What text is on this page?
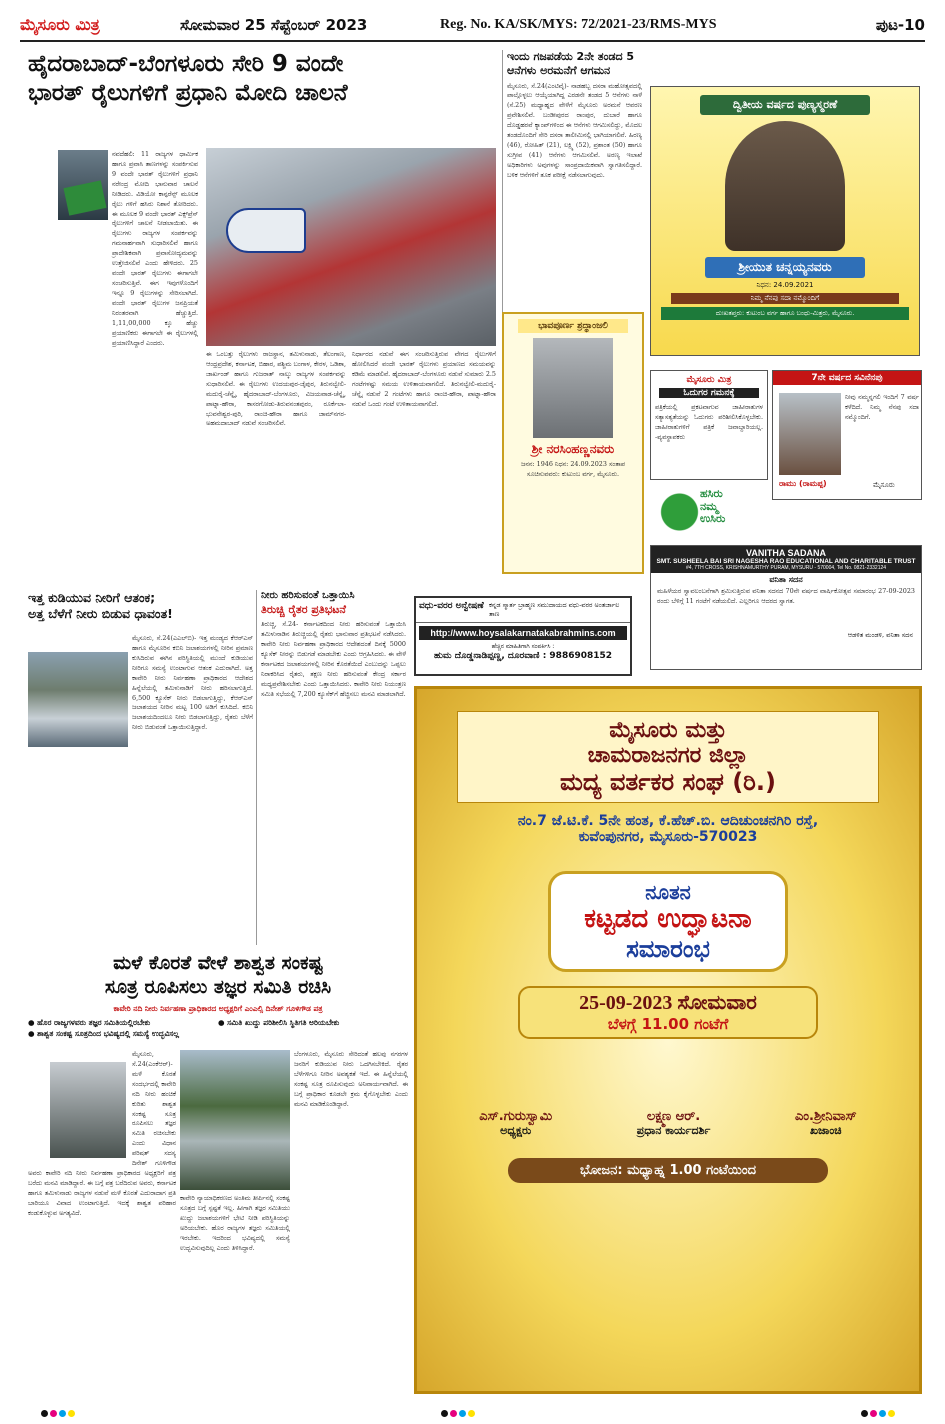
ಮೈಸೂರು ಮಿತ್ರ	ಸೋಮವಾರ 25 ಸೆಪ್ಟೆಂಬರ್ 2023	Reg. No. KA/SK/MYS: 72/2021-23/RMS-MYS	ಪುಟ-10
ಹೈದರಾಬಾದ್-ಬೆಂಗಳೂರು ಸೇರಿ 9 ವಂದೇ
ಭಾರತ್ ರೈಲುಗಳಿಗೆ ಪ್ರಧಾನಿ ಮೋದಿ ಚಾಲನೆ

ನವದೆಹಲಿ: 11 ರಾಜ್ಯಗಳ ಧಾರ್ಮಿಕ ಹಾಗೂ ಪ್ರವಾಸಿ ತಾಣಗಳನ್ನು ಸಂಪರ್ಕಿಸುವ 9 ವಂದೇ ಭಾರತ್ ರೈಲುಗಳಿಗೆ ಪ್ರಧಾನಿ ನರೇಂದ್ರ ಮೋದಿ ಭಾನುವಾರ ಚಾಲನೆ ನೀಡಿದರು. ವಿಡಿಯೋ ಕಾನ್ಫರೆನ್ಸ್ ಮೂಲಕ ರೈಲು ಗಳಿಗೆ ಹಸಿರು ನಿಶಾನೆ ತೋರಿದರು. ಈ ಮೂಲಕ 9 ವಂದೇ ಭಾರತ್ ಎಕ್ಸ್‌ಪ್ರೆಸ್ ರೈಲುಗಳಿಗೆ ಚಾಲನೆ ನೀಡಲಾಯಿತು. ಈ ರೈಲುಗಳು ರಾಜ್ಯಗಳ ಸಂಪರ್ಕವನ್ನು ಗಮನಾರ್ಹವಾಗಿ ಸುಧಾರಿಸಲಿವೆ ಹಾಗೂ ಪ್ರಾದೇಶಿಕವಾಗಿ ಪ್ರವಾಸೋದ್ಯಮವನ್ನು ಉತ್ತೇಜಿಸಲಿವೆ ಎಂದು ಹೇಳಿದರು. 25 ವಂದೇ ಭಾರತ್ ರೈಲುಗಳು ಈಗಾಗಲೇ ಸಂಚರಿಸುತ್ತಿವೆ. ಈಗ ಇವುಗಳೊಂದಿಗೆ ಇನ್ನೂ 9 ರೈಲುಗಳನ್ನು ಸೇರಿಸಲಾಗಿದೆ. ವಂದೇ ಭಾರತ್ ರೈಲುಗಳ ಜನಪ್ರಿಯತೆ ನಿರಂತರವಾಗಿ ಹೆಚ್ಚುತ್ತಿದೆ. 1,11,00,000 ಕ್ಕೂ ಹೆಚ್ಚು ಪ್ರಯಾಣಿಕರು ಈಗಾಗಲೇ ಈ ರೈಲುಗಳಲ್ಲಿ ಪ್ರಯಾಣಿಸಿದ್ದಾರೆ ಎಂದರು.

ಈ ಒಂಬತ್ತು ರೈಲುಗಳು ರಾಜಸ್ಥಾನ, ತಮಿಳುನಾಡು, ತೆಲಂಗಾಣ, ಆಂಧ್ರಪ್ರದೇಶ, ಕರ್ನಾಟಕ, ಬಿಹಾರ, ಪಶ್ಚಿಮ ಬಂಗಾಳ, ಕೇರಳ, ಒಡಿಶಾ, ಜಾರ್ಖಂಡ್ ಹಾಗೂ ಗುಜರಾತ್ ನಾಲ್ಕು ರಾಜ್ಯಗಳ ಸಂಪರ್ಕವನ್ನು ಸುಧಾರಿಸಲಿವೆ. ಈ ರೈಲುಗಳು ಉದಯಪುರ-ಜೈಪುರ, ತಿರುನಲ್ವೇಲಿ-ಮದುರೈ-ಚೆನ್ನೈ, ಹೈದರಾಬಾದ್-ಬೆಂಗಳೂರು, ವಿಜಯವಾಡ-ಚೆನ್ನೈ, ಪಾಟ್ನಾ-ಹೌರಾ, ಕಾಸರಗೋಡು-ತಿರುವನಂತಪುರಂ, ರೂರ್ಕೆಲಾ-ಭುವನೇಶ್ವರ-ಪುರಿ, ರಾಂಚಿ-ಹೌರಾ ಹಾಗೂ ಜಾಮ್‌ನಗರ-ಅಹಮದಾಬಾದ್ ನಡುವೆ ಸಂಚರಿಸಲಿವೆ.

ನಿರ್ಧಾರದ ನಡುವೆ ಈಗ ಸಂಚರಿಸುತ್ತಿರುವ ವೇಗದ ರೈಲುಗಳಿಗೆ ಹೋಲಿಸಿದರೆ ವಂದೇ ಭಾರತ್ ರೈಲುಗಳು ಪ್ರಯಾಣದ ಸಮಯವನ್ನು ಕಡಿಮೆ ಮಾಡಲಿವೆ. ಹೈದರಾಬಾದ್-ಬೆಂಗಳೂರು ನಡುವೆ ಸುಮಾರು 2.5 ಗಂಟೆಗಳಷ್ಟು ಸಮಯ ಉಳಿತಾಯವಾಗಲಿದೆ. ತಿರುನಲ್ವೇಲಿ-ಮದುರೈ-ಚೆನ್ನೈ ನಡುವೆ 2 ಗಂಟೆಗಳು ಹಾಗೂ ರಾಂಚಿ-ಹೌರಾ, ಪಾಟ್ನಾ-ಹೌರಾ ನಡುವೆ ಒಂದು ಗಂಟೆ ಉಳಿತಾಯವಾಗಲಿದೆ.

ಇಂದು ಗಜಪಡೆಯ 2ನೇ ತಂಡದ 5 ಆನೆಗಳು ಅರಮನೆಗೆ ಆಗಮನ
ಮೈಸೂರು, ಸೆ.24(ಎಂಟಿವೈ)- ನಾಡಹಬ್ಬ ದಸರಾ ಮಹೋತ್ಸವದಲ್ಲಿ ಪಾಲ್ಗೊಳ್ಳಲು ಆಯ್ಕೆಯಾಗಿದ್ದ ಎರಡನೇ ತಂಡದ 5 ಆನೆಗಳು ನಾಳೆ (ಸೆ.25) ಮಧ್ಯಾಹ್ನದ ವೇಳೆಗೆ ಮೈಸೂರು ಅರಮನೆ ಆವರಣ ಪ್ರವೇಶಿಸಲಿವೆ. ಬಂಡೀಪುರದ ರಾಂಪುರ, ದುಬಾರೆ ಹಾಗೂ ದೊಡ್ಡಹರವೆ ಕ್ಯಾಂಪ್‌ಗಳಿಂದ ಈ ಆನೆಗಳು ಆಗಮಿಸಲಿದ್ದು, ಮೊದಲ ತಂಡದೊಂದಿಗೆ ಸೇರಿ ದಸರಾ ತಾಲೀಮಿನಲ್ಲಿ ಭಾಗಿಯಾಗಲಿವೆ. ಹಿರಣ್ಯ (46), ರೋಹಿತ್ (21), ಲಕ್ಷ್ಮಿ (52), ಪ್ರಶಾಂತ (50) ಹಾಗೂ ಸುಗ್ರೀವ (41) ಆನೆಗಳು ಆಗಮಿಸಲಿವೆ. ಅರಣ್ಯ ಇಲಾಖೆ ಅಧಿಕಾರಿಗಳು ಅವುಗಳನ್ನು ಸಾಂಪ್ರದಾಯಿಕವಾಗಿ ಸ್ವಾಗತಿಸಲಿದ್ದಾರೆ. ಬಳಿಕ ಆನೆಗಳಿಗೆ ತೂಕ ಪರೀಕ್ಷೆ ನಡೆಸಲಾಗುವುದು.
ದ್ವಿತೀಯ ವರ್ಷದ ಪುಣ್ಯಸ್ಮರಣೆ
ಶ್ರೀಯುತ ಚನ್ನಯ್ಯನವರು
ನಿಧನ: 24.09.2021
ನಿಮ್ಮ ನೆನಪು ಸದಾ ನಮ್ಮೊಂದಿಗೆ
ದುಃಖತಪ್ತರು: ಕುಟುಂಬ ವರ್ಗ ಹಾಗೂ ಬಂಧು-ಮಿತ್ರರು, ಮೈಸೂರು.
ಭಾವಪೂರ್ಣ ಶ್ರದ್ಧಾಂಜಲಿ
ಶ್ರೀ ನರಸಿಂಹಣ್ಣನವರು
ಜನನ: 1946 ನಿಧನ: 24.09.2023 ಸಂತಾಪ ಸೂಚಿಸುವವರು: ಕುಟುಂಬ ವರ್ಗ, ಮೈಸೂರು.
ಮೈಸೂರು ಮಿತ್ರ
ಓದುಗರ ಗಮನಕ್ಕೆ
ಪತ್ರಿಕೆಯಲ್ಲಿ ಪ್ರಕಟವಾಗುವ ಜಾಹೀರಾತುಗಳ ಸತ್ಯಾಸತ್ಯತೆಯನ್ನು ಓದುಗರು ಪರಿಶೀಲಿಸಿಕೊಳ್ಳಬೇಕು. ಜಾಹೀರಾತುಗಳಿಗೆ ಪತ್ರಿಕೆ ಜವಾಬ್ದಾರಿಯಲ್ಲ. -ವ್ಯವಸ್ಥಾಪಕರು
ಹಸಿರು
ನಮ್ಮ
ಉಸಿರು
7ನೇ ವರ್ಷದ ಸವಿನೆನಪು
ನೀವು ನಮ್ಮನ್ನಗಲಿ ಇಂದಿಗೆ 7 ವರ್ಷ ಕಳೆದಿದೆ. ನಿಮ್ಮ ನೆನಪು ಸದಾ ನಮ್ಮೊಂದಿಗೆ.
ರಾಮು (ರಾಮಪ್ಪ)	ಮೈಸೂರು
VANITHA SADANA
SMT. SUSHEELA BAI SRI NAGESHA RAO EDUCATIONAL AND CHARITABLE TRUST
#4, 7TH CROSS, KRISHNAMURTHY PURAM, MYSURU - 570004, Tel No. 0821-2332124
ವನಿತಾ ಸದನ
ಮಹಿಳೆಯರ ಸ್ವಾವಲಂಬನೆಗಾಗಿ ಶ್ರಮಿಸುತ್ತಿರುವ ವನಿತಾ ಸದನದ 70ನೇ ವರ್ಷದ ವಾರ್ಷಿಕೋತ್ಸವ ಸಮಾರಂಭ 27-09-2023 ರಂದು ಬೆಳಿಗ್ಗೆ 11 ಗಂಟೆಗೆ ನಡೆಯಲಿದೆ. ಎಲ್ಲರಿಗೂ ಆದರದ ಸ್ವಾಗತ.
ಆಡಳಿತ ಮಂಡಳಿ, ವನಿತಾ ಸದನ
ಇತ್ತ ಕುಡಿಯುವ ನೀರಿಗೆ ಆತಂಕ;
ಅತ್ತ ಬೆಳೆಗೆ ನೀರು ಬಿಡುವ ಧಾವಂತ!
ಮೈಸೂರು, ಸೆ.24(ಎಎಲ್‌ಬಿ)- ಇತ್ತ ಮಂಡ್ಯದ ಕೆಆರ್‌ಎಸ್ ಹಾಗೂ ಮೈಸೂರಿನ ಕಬಿನಿ ಜಲಾಶಯಗಳಲ್ಲಿ ನೀರಿನ ಪ್ರಮಾಣ ಕುಸಿದಿರುವ ಈಗಿನ ಪರಿಸ್ಥಿತಿಯಲ್ಲಿ ಮುಂದೆ ಕುಡಿಯುವ ನೀರಿಗೂ ಸಮಸ್ಯೆ ಉಂಟಾಗುವ ಆತಂಕ ಎದುರಾಗಿದೆ. ಅತ್ತ ಕಾವೇರಿ ನೀರು ನಿರ್ವಹಣಾ ಪ್ರಾಧಿಕಾರದ ಆದೇಶದ ಹಿನ್ನೆಲೆಯಲ್ಲಿ ತಮಿಳುನಾಡಿಗೆ ನೀರು ಹರಿಸಲಾಗುತ್ತಿದೆ. 6,500 ಕ್ಯೂಸೆಕ್ ನೀರು ಬಿಡಲಾಗುತ್ತಿದ್ದು, ಕೆಆರ್‌ಎಸ್ ಜಲಾಶಯದ ನೀರಿನ ಮಟ್ಟ 100 ಅಡಿಗೆ ಕುಸಿದಿದೆ. ಕಬಿನಿ ಜಲಾಶಯದಿಂದಲೂ ನೀರು ಬಿಡಲಾಗುತ್ತಿದ್ದು, ರೈತರು ಬೆಳೆಗೆ ನೀರು ಬಿಡುವಂತೆ ಒತ್ತಾಯಿಸುತ್ತಿದ್ದಾರೆ.
ನೀರು ಹರಿಸುವಂತೆ ಒತ್ತಾಯಿಸಿ
ತಿರುಚ್ಚಿ ರೈತರ ಪ್ರತಿಭಟನೆ
ತಿರುಚ್ಚಿ, ಸೆ.24- ಕರ್ನಾಟಕದಿಂದ ನೀರು ಹರಿಸುವಂತೆ ಒತ್ತಾಯಿಸಿ ತಮಿಳುನಾಡಿನ ತಿರುಚ್ಚಿಯಲ್ಲಿ ರೈತರು ಭಾನುವಾರ ಪ್ರತಿಭಟನೆ ನಡೆಸಿದರು. ಕಾವೇರಿ ನೀರು ನಿರ್ವಹಣಾ ಪ್ರಾಧಿಕಾರದ ಆದೇಶದಂತೆ ದಿನಕ್ಕೆ 5000 ಕ್ಯೂಸೆಕ್ ನೀರನ್ನು ಬಿಡುಗಡೆ ಮಾಡಬೇಕು ಎಂದು ಆಗ್ರಹಿಸಿದರು. ಈ ವೇಳೆ ಕರ್ನಾಟಕದ ಜಲಾಶಯಗಳಲ್ಲಿ ನೀರಿನ ಕೊರತೆಯಿದೆ ಎಂಬುದನ್ನು ಒಪ್ಪಲು ನಿರಾಕರಿಸಿದ ರೈತರು, ತಕ್ಷಣ ನೀರು ಹರಿಸುವಂತೆ ಕೇಂದ್ರ ಸರ್ಕಾರ ಮಧ್ಯಪ್ರವೇಶಿಸಬೇಕು ಎಂದು ಒತ್ತಾಯಿಸಿದರು. ಕಾವೇರಿ ನೀರು ನಿಯಂತ್ರಣ ಸಮಿತಿ ಸಭೆಯಲ್ಲಿ 7,200 ಕ್ಯೂಸೆಕ್‌ಗೆ ಹೆಚ್ಚಿಸಲು ಮನವಿ ಮಾಡಲಾಗಿದೆ.
ವಧು-ವರರ ಅನ್ವೇಷಣೆ ಕನ್ನಡ ಸ್ಮಾರ್ತ ಬ್ರಾಹ್ಮಣ ಸಮುದಾಯದ ವಧು-ವರರ ಅಂತರ್ಜಾಲ ತಾಣ
http://www.hoysalakarnatakabrahmins.com
ಹೆಚ್ಚಿನ ಮಾಹಿತಿಗಾಗಿ ಸಂಪರ್ಕಿಸಿ :
ಹುಮ ದೊಡ್ಡನಾಡಿಪ್ಪಣ್ಣ, ದೂರವಾಣಿ : 9886908152
ಮೈಸೂರು ಮತ್ತು
ಚಾಮರಾಜನಗರ ಜಿಲ್ಲಾ
ಮದ್ಯ ವರ್ತಕರ ಸಂಘ (ರಿ.)
ನಂ.7 ಜೆ.ಟಿ.ಕೆ. 5ನೇ ಹಂತ, ಕೆ.ಹೆಚ್.ಬಿ. ಆದಿಚುಂಚನಗಿರಿ ರಸ್ತೆ,
ಕುವೆಂಪುನಗರ, ಮೈಸೂರು-570023
ನೂತನ
ಕಟ್ಟಡದ ಉದ್ಘಾಟನಾ
ಸಮಾರಂಭ
25-09-2023 ಸೋಮವಾರ
ಬೆಳಗ್ಗೆ 11.00 ಗಂಟೆಗೆ
ಎಸ್.ಗುರುಸ್ವಾಮಿ
ಅಧ್ಯಕ್ಷರು
ಲಕ್ಷ್ಮಣ ಆರ್.
ಪ್ರಧಾನ ಕಾರ್ಯದರ್ಶಿ
ಎಂ.ಶ್ರೀನಿವಾಸ್
ಖಜಾಂಚಿ
ಭೋಜನ: ಮಧ್ಯಾಹ್ನ 1.00 ಗಂಟೆಯಿಂದ
ಮಳೆ ಕೊರತೆ ವೇಳೆ ಶಾಶ್ವತ ಸಂಕಷ್ಟ
ಸೂತ್ರ ರೂಪಿಸಲು ತಜ್ಞರ ಸಮಿತಿ ರಚಿಸಿ
ಕಾವೇರಿ ನದಿ ನೀರು ನಿರ್ವಹಣಾ ಪ್ರಾಧಿಕಾರದ ಅಧ್ಯಕ್ಷರಿಗೆ ಎಂಎಲ್ಸಿ ದಿನೇಶ್ ಗೂಳಿಗೌಡ ಪತ್ರ
● ಹೊರ ರಾಜ್ಯಗಳವರು ತಜ್ಞರ ಸಮಿತಿಯಲ್ಲಿರಬೇಕು	● ಸಮಿತಿ ಖುದ್ದು ಪರಿಶೀಲಿಸಿ ಸ್ಥಿತಿಗತಿ ಅರಿಯಬೇಕು
● ಶಾಶ್ವತ ಸಂಕಷ್ಟ ಸೂತ್ರದಿಂದ ಭವಿಷ್ಯದಲ್ಲಿ ಸಮಸ್ಯೆ ಉದ್ಭವಿಸಲ್ಲ
ಮೈಸೂರು, ಸೆ.24(ಎಂಕೆಆರ್)- ಮಳೆ ಕೊರತೆ ಸಂದರ್ಭದಲ್ಲಿ ಕಾವೇರಿ ನದಿ ನೀರು ಹಂಚಿಕೆ ಕುರಿತು ಶಾಶ್ವತ ಸಂಕಷ್ಟ ಸೂತ್ರ ರೂಪಿಸಲು ತಜ್ಞರ ಸಮಿತಿ ರಚಿಸಬೇಕು ಎಂದು ವಿಧಾನ ಪರಿಷತ್ ಸದಸ್ಯ ದಿನೇಶ್ ಗೂಳಿಗೌಡ ಅವರು ಕಾವೇರಿ ನದಿ ನೀರು ನಿರ್ವಹಣಾ ಪ್ರಾಧಿಕಾರದ ಅಧ್ಯಕ್ಷರಿಗೆ ಪತ್ರ ಬರೆದು ಮನವಿ ಮಾಡಿದ್ದಾರೆ. ಈ ಬಗ್ಗೆ ಪತ್ರ ಬರೆದಿರುವ ಅವರು, ಕರ್ನಾಟಕ ಹಾಗೂ ತಮಿಳುನಾಡು ರಾಜ್ಯಗಳ ನಡುವೆ ಮಳೆ ಕೊರತೆ ಎದುರಾದಾಗ ಪ್ರತಿ ಬಾರಿಯೂ ವಿವಾದ ಉಂಟಾಗುತ್ತಿದೆ. ಇದಕ್ಕೆ ಶಾಶ್ವತ ಪರಿಹಾರ ಕಂಡುಕೊಳ್ಳುವ ಅಗತ್ಯವಿದೆ.
ಕಾವೇರಿ ನ್ಯಾಯಾಧಿಕರಣದ ಅಂತಿಮ ತೀರ್ಪಿನಲ್ಲಿ ಸಂಕಷ್ಟ ಸೂತ್ರದ ಬಗ್ಗೆ ಸ್ಪಷ್ಟತೆ ಇಲ್ಲ. ಹೀಗಾಗಿ ತಜ್ಞರ ಸಮಿತಿಯು ಖುದ್ದು ಜಲಾಶಯಗಳಿಗೆ ಭೇಟಿ ನೀಡಿ ಪರಿಸ್ಥಿತಿಯನ್ನು ಅರಿಯಬೇಕು. ಹೊರ ರಾಜ್ಯಗಳ ತಜ್ಞರು ಸಮಿತಿಯಲ್ಲಿ ಇರಬೇಕು. ಇದರಿಂದ ಭವಿಷ್ಯದಲ್ಲಿ ಸಮಸ್ಯೆ ಉದ್ಭವಿಸುವುದಿಲ್ಲ ಎಂದು ತಿಳಿಸಿದ್ದಾರೆ.
ಬೆಂಗಳೂರು, ಮೈಸೂರು ಸೇರಿದಂತೆ ಹಲವು ನಗರಗಳ ಜನರಿಗೆ ಕುಡಿಯುವ ನೀರು ಒದಗಿಸಬೇಕಿದೆ. ರೈತರ ಬೆಳೆಗಳಿಗೂ ನೀರಿನ ಅವಶ್ಯಕತೆ ಇದೆ. ಈ ಹಿನ್ನೆಲೆಯಲ್ಲಿ ಸಂಕಷ್ಟ ಸೂತ್ರ ರೂಪಿಸುವುದು ಅನಿವಾರ್ಯವಾಗಿದೆ. ಈ ಬಗ್ಗೆ ಪ್ರಾಧಿಕಾರ ಕೂಡಲೇ ಕ್ರಮ ಕೈಗೊಳ್ಳಬೇಕು ಎಂದು ಮನವಿ ಮಾಡಿಕೊಂಡಿದ್ದಾರೆ.
